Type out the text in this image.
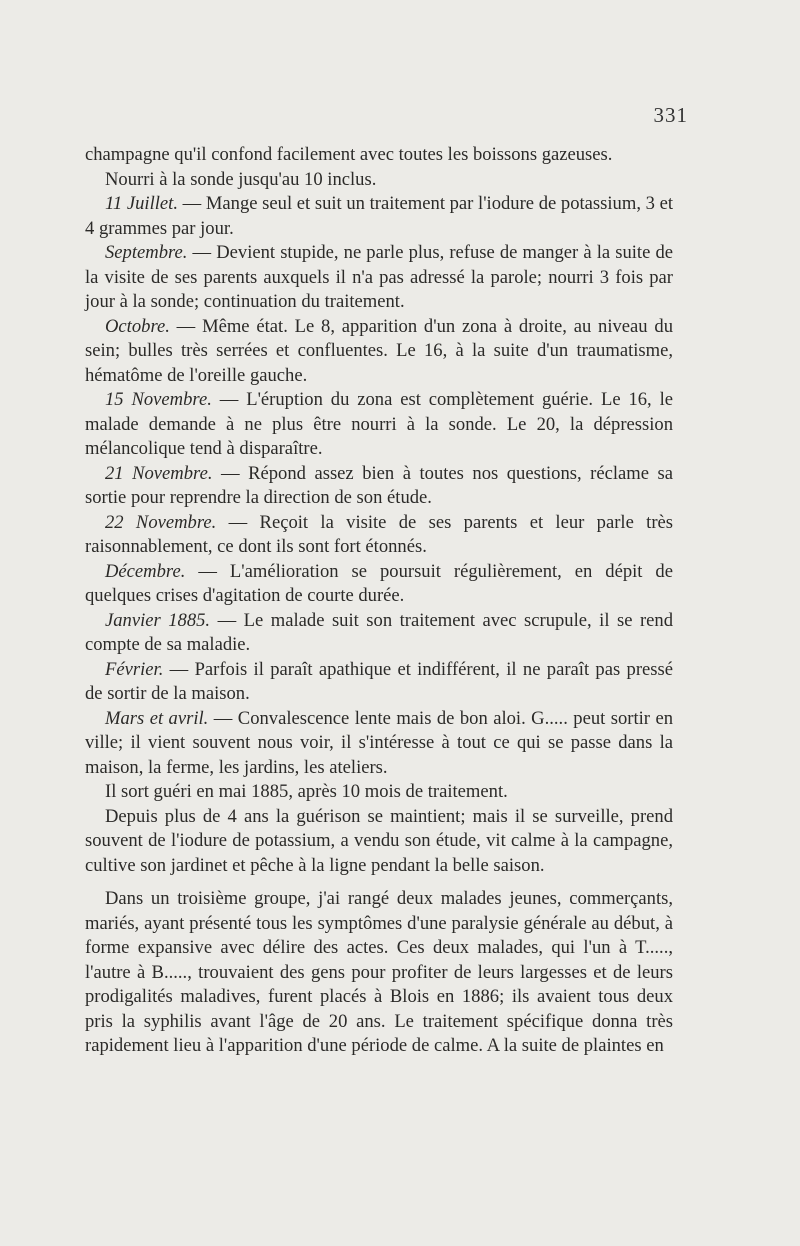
331

champagne qu'il confond facilement avec toutes les boissons gazeuses.

Nourri à la sonde jusqu'au 10 inclus.

11 Juillet. — Mange seul et suit un traitement par l'iodure de potassium, 3 et 4 grammes par jour.

Septembre. — Devient stupide, ne parle plus, refuse de manger à la suite de la visite de ses parents auxquels il n'a pas adressé la parole; nourri 3 fois par jour à la sonde; continuation du traitement.

Octobre. — Même état. Le 8, apparition d'un zona à droite, au niveau du sein; bulles très serrées et confluentes. Le 16, à la suite d'un traumatisme, hématôme de l'oreille gauche.

15 Novembre. — L'éruption du zona est complètement guérie. Le 16, le malade demande à ne plus être nourri à la sonde. Le 20, la dépression mélancolique tend à disparaître.

21 Novembre. — Répond assez bien à toutes nos questions, réclame sa sortie pour reprendre la direction de son étude.

22 Novembre. — Reçoit la visite de ses parents et leur parle très raisonnablement, ce dont ils sont fort étonnés.

Décembre. — L'amélioration se poursuit régulièrement, en dépit de quelques crises d'agitation de courte durée.

Janvier 1885. — Le malade suit son traitement avec scrupule, il se rend compte de sa maladie.

Février. — Parfois il paraît apathique et indifférent, il ne paraît pas pressé de sortir de la maison.

Mars et avril. — Convalescence lente mais de bon aloi. G..... peut sortir en ville; il vient souvent nous voir, il s'intéresse à tout ce qui se passe dans la maison, la ferme, les jardins, les ateliers.

Il sort guéri en mai 1885, après 10 mois de traitement.

Depuis plus de 4 ans la guérison se maintient; mais il se surveille, prend souvent de l'iodure de potassium, a vendu son étude, vit calme à la campagne, cultive son jardinet et pêche à la ligne pendant la belle saison.

Dans un troisième groupe, j'ai rangé deux malades jeunes, commerçants, mariés, ayant présenté tous les symptômes d'une paralysie générale au début, à forme expansive avec délire des actes. Ces deux malades, qui l'un à T....., l'autre à B....., trouvaient des gens pour profiter de leurs largesses et de leurs prodigalités maladives, furent placés à Blois en 1886; ils avaient tous deux pris la syphilis avant l'âge de 20 ans. Le traitement spécifique donna très rapidement lieu à l'apparition d'une période de calme. A la suite de plaintes en
